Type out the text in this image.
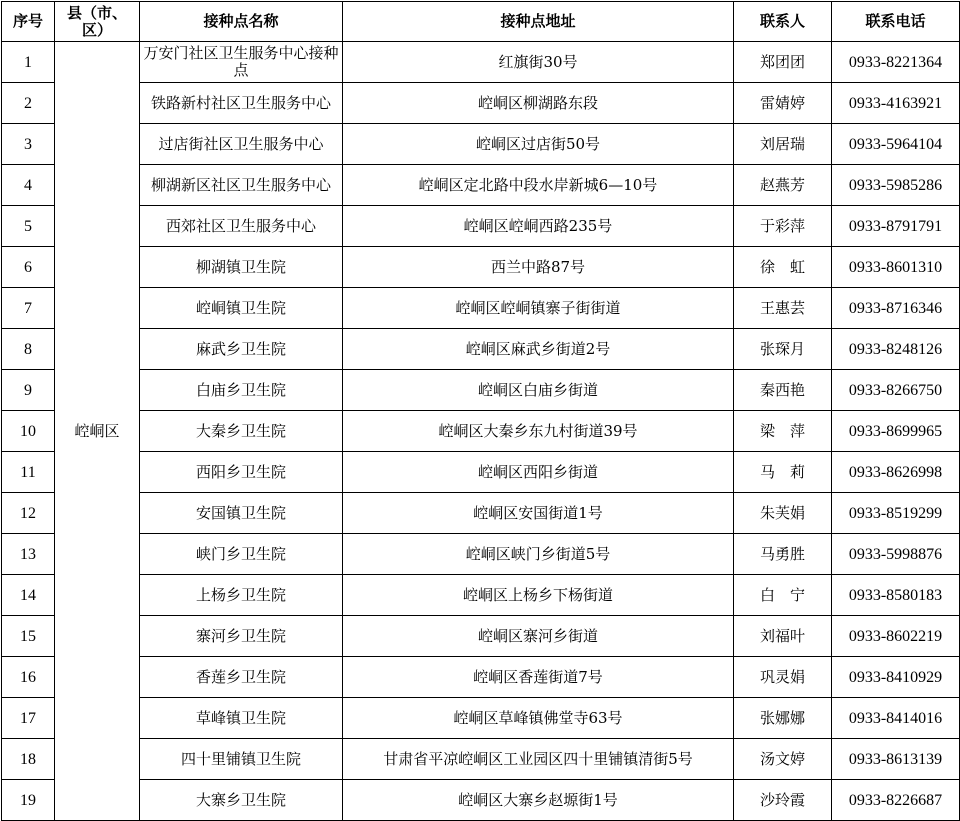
序号	县（市、区）	接种点名称	接种点地址	联系人	联系电话
1	崆峒区	万安门社区卫生服务中心接种点	红旗街30号	郑团团	0933-8221364
2		铁路新村社区卫生服务中心	崆峒区柳湖路东段	雷婧婷	0933-4163921
3		过店街社区卫生服务中心	崆峒区过店街50号	刘居瑞	0933-5964104
4		柳湖新区社区卫生服务中心	崆峒区定北路中段水岸新城6—10号	赵燕芳	0933-5985286
5		西郊社区卫生服务中心	崆峒区崆峒西路235号	于彩萍	0933-8791791
6		柳湖镇卫生院	西兰中路87号	徐　虹	0933-8601310
7		崆峒镇卫生院	崆峒区崆峒镇寨子街街道	王惠芸	0933-8716346
8		麻武乡卫生院	崆峒区麻武乡街道2号	张琛月	0933-8248126
9		白庙乡卫生院	崆峒区白庙乡街道	秦西艳	0933-8266750
10		大秦乡卫生院	崆峒区大秦乡东九村街道39号	梁　萍	0933-8699965
11		西阳乡卫生院	崆峒区西阳乡街道	马　莉	0933-8626998
12		安国镇卫生院	崆峒区安国街道1号	朱芙娟	0933-8519299
13		峡门乡卫生院	崆峒区峡门乡街道5号	马勇胜	0933-5998876
14		上杨乡卫生院	崆峒区上杨乡下杨街道	白　宁	0933-8580183
15		寨河乡卫生院	崆峒区寨河乡街道	刘福叶	0933-8602219
16		香莲乡卫生院	崆峒区香莲街道7号	巩灵娟	0933-8410929
17		草峰镇卫生院	崆峒区草峰镇佛堂寺63号	张娜娜	0933-8414016
18		四十里铺镇卫生院	甘肃省平凉崆峒区工业园区四十里铺镇清街5号	汤文婷	0933-8613139
19		大寨乡卫生院	崆峒区大寨乡赵塬街1号	沙玲霞	0933-8226687
